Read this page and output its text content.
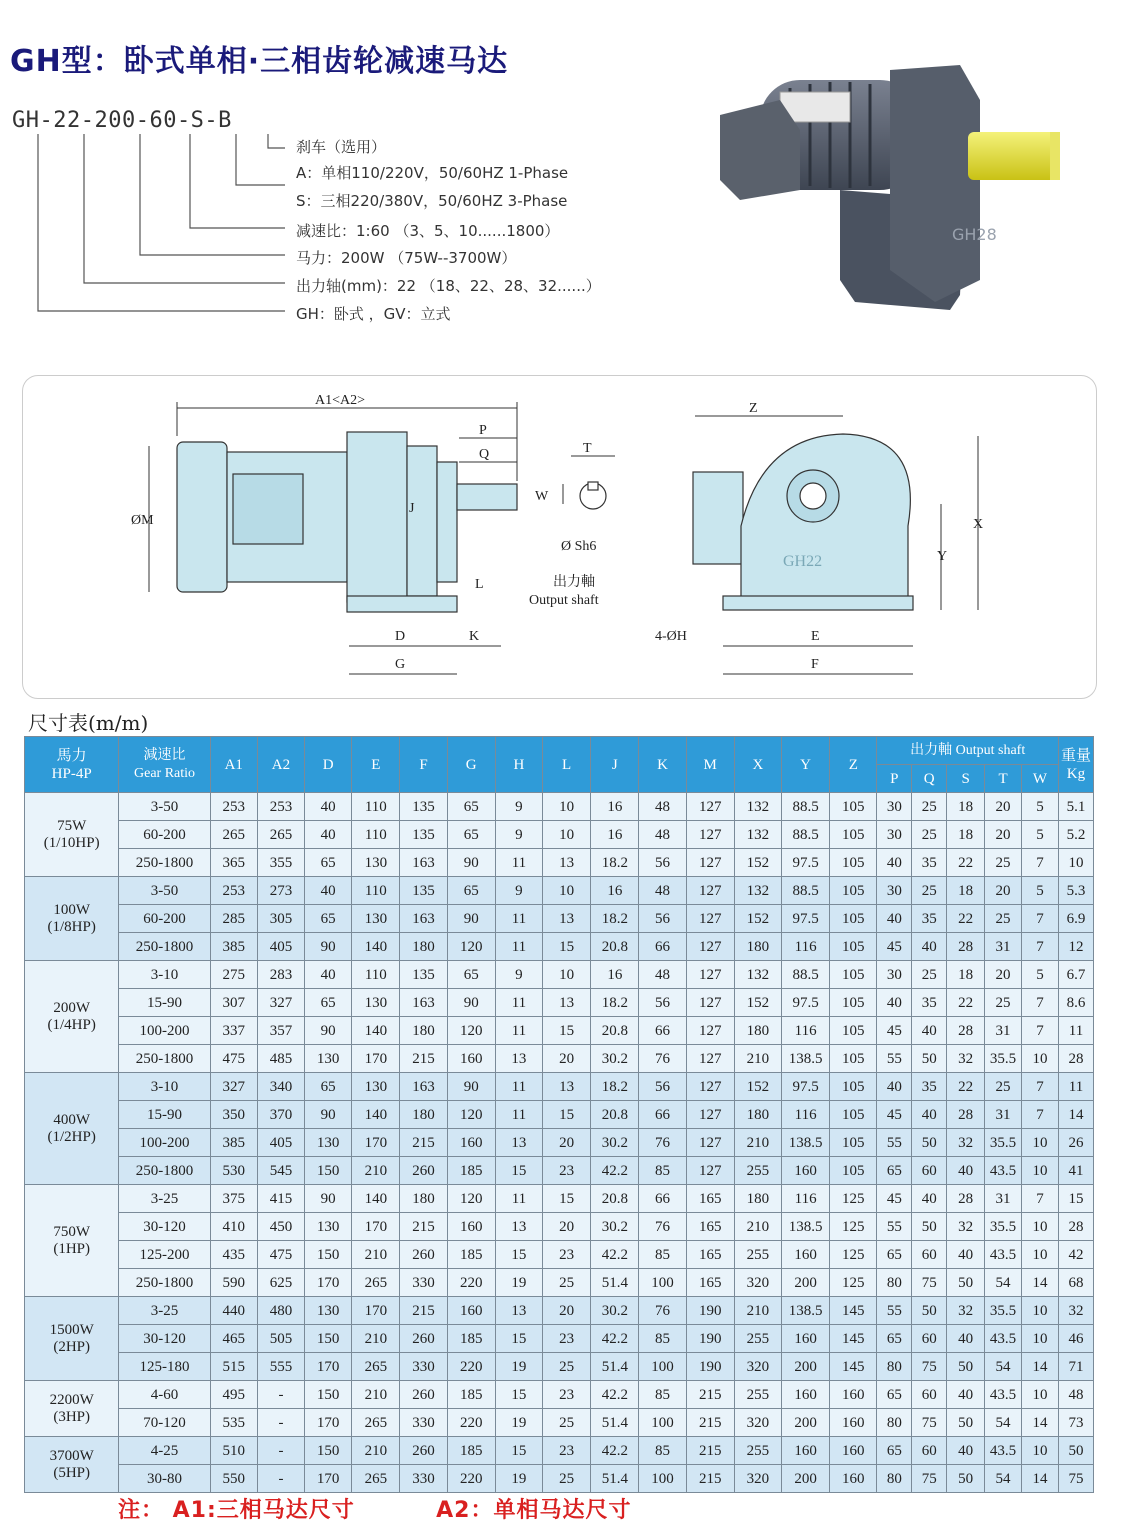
GH型：卧式单相·三相齿轮减速马达
GH-22-200-60-S-B
刹车（选用）
A：单相110/220V，50/60HZ 1-Phase
S：三相220/380V，50/60HZ 3-Phase
减速比：1:60 （3、5、10......1800）
马力：200W （75W--3700W）
出力轴(mm)：22 （18、22、28、32......）
GH：卧式 ，GV：立式
GH28
A1<A2>
P
Q
J
L
K
D
G
ØM
T
W
Ø Sh6
出力軸
Output shaft
Z
X
Y
E
F
4-ØH
GH22
尺寸表(m/m)
馬力
HP-4P	減速比
Gear Ratio	A1	A2	D	E	F	G	H	L	J	K	M	X	Y	Z	出力軸 Output shaft					重量
Kg
																P	Q	S	T	W	
75W
(1/10HP)	3-50	253	253	40	110	135	65	9	10	16	48	127	132	88.5	105	30	25	18	20	5	5.1
	60-200	265	265	40	110	135	65	9	10	16	48	127	132	88.5	105	30	25	18	20	5	5.2
	250-1800	365	355	65	130	163	90	11	13	18.2	56	127	152	97.5	105	40	35	22	25	7	10
100W
(1/8HP)	3-50	253	273	40	110	135	65	9	10	16	48	127	132	88.5	105	30	25	18	20	5	5.3
	60-200	285	305	65	130	163	90	11	13	18.2	56	127	152	97.5	105	40	35	22	25	7	6.9
	250-1800	385	405	90	140	180	120	11	15	20.8	66	127	180	116	105	45	40	28	31	7	12
200W
(1/4HP)	3-10	275	283	40	110	135	65	9	10	16	48	127	132	88.5	105	30	25	18	20	5	6.7
	15-90	307	327	65	130	163	90	11	13	18.2	56	127	152	97.5	105	40	35	22	25	7	8.6
	100-200	337	357	90	140	180	120	11	15	20.8	66	127	180	116	105	45	40	28	31	7	11
	250-1800	475	485	130	170	215	160	13	20	30.2	76	127	210	138.5	105	55	50	32	35.5	10	28
400W
(1/2HP)	3-10	327	340	65	130	163	90	11	13	18.2	56	127	152	97.5	105	40	35	22	25	7	11
	15-90	350	370	90	140	180	120	11	15	20.8	66	127	180	116	105	45	40	28	31	7	14
	100-200	385	405	130	170	215	160	13	20	30.2	76	127	210	138.5	105	55	50	32	35.5	10	26
	250-1800	530	545	150	210	260	185	15	23	42.2	85	127	255	160	105	65	60	40	43.5	10	41
750W
(1HP)	3-25	375	415	90	140	180	120	11	15	20.8	66	165	180	116	125	45	40	28	31	7	15
	30-120	410	450	130	170	215	160	13	20	30.2	76	165	210	138.5	125	55	50	32	35.5	10	28
	125-200	435	475	150	210	260	185	15	23	42.2	85	165	255	160	125	65	60	40	43.5	10	42
	250-1800	590	625	170	265	330	220	19	25	51.4	100	165	320	200	125	80	75	50	54	14	68
1500W
(2HP)	3-25	440	480	130	170	215	160	13	20	30.2	76	190	210	138.5	145	55	50	32	35.5	10	32
	30-120	465	505	150	210	260	185	15	23	42.2	85	190	255	160	145	65	60	40	43.5	10	46
	125-180	515	555	170	265	330	220	19	25	51.4	100	190	320	200	145	80	75	50	54	14	71
2200W
(3HP)	4-60	495	-	150	210	260	185	15	23	42.2	85	215	255	160	160	65	60	40	43.5	10	48
	70-120	535	-	170	265	330	220	19	25	51.4	100	215	320	200	160	80	75	50	54	14	73
3700W
(5HP)	4-25	510	-	150	210	260	185	15	23	42.2	85	215	255	160	160	65	60	40	43.5	10	50
	30-80	550	-	170	265	330	220	19	25	51.4	100	215	320	200	160	80	75	50	54	14	75
注： A1:三相马达尺寸	A2：单相马达尺寸
